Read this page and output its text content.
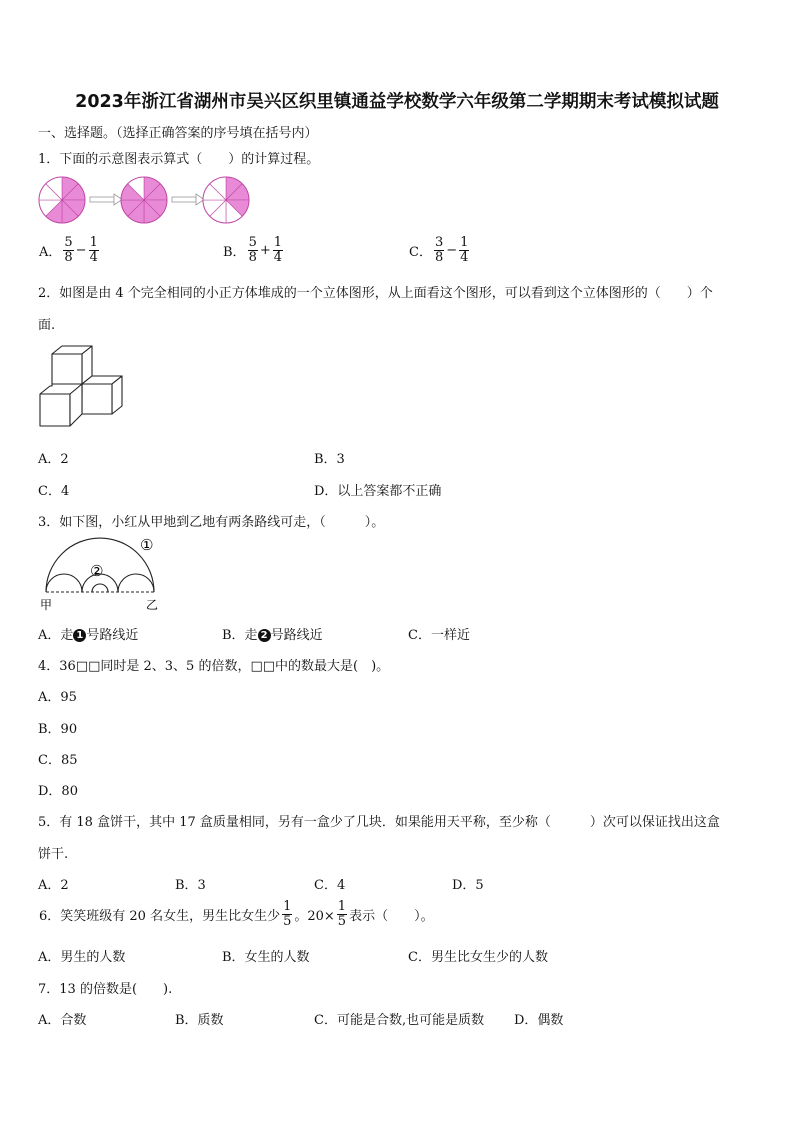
2023年浙江省湖州市吴兴区织里镇通益学校数学六年级第二学期期末考试模拟试题
一、选择题。（选择正确答案的序号填在括号内）
1．下面的示意图表示算式（　　）的计算过程。
A． $\frac{5}{8} - \frac{1}{4}$	B． $\frac{5}{8} + \frac{1}{4}$	C． $\frac{3}{8} - \frac{1}{4}$
2．如图是由 4 个完全相同的小正方体堆成的一个立体图形，从上面看这个图形，可以看到这个立体图形的（　　）个
面.
A．2	B．3
C．4	D．以上答案都不正确
3．如下图，小红从甲地到乙地有两条路线可走，（　　　）。
①
②
甲	乙
A．走 1 号路线近	B．走 2 号路线近	C．一样近
4．36□□同时是 2、3、5 的倍数，□□中的数最大是(　)。
A．95
B．90
C．85
D．80
5．有 18 盒饼干，其中 17 盒质量相同，另有一盒少了几块．如果能用天平称，至少称（　　　）次可以保证找出这盒
饼干.
A．2	B．3	C．4	D．5
6．笑笑班级有 20 名女生，男生比女生少 $\frac{1}{5}$ 。$20\times \frac{1}{5}$ 表示（　　）。
A．男生的人数	B．女生的人数	C．男生比女生少的人数
7．13 的倍数是(　　).
A．合数	B．质数	C．可能是合数,也可能是质数 D．偶数
